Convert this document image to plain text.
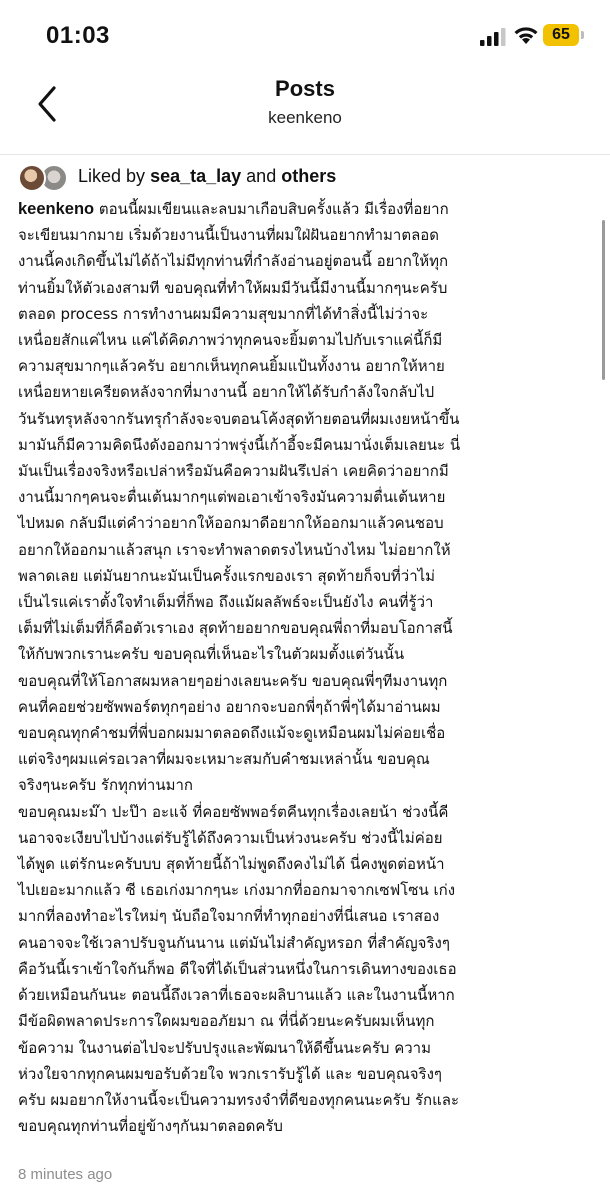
01:03	65
Posts
keenkeno
Liked by sea_ta_lay and others
keenkeno ตอนนี้ผมเขียนและลบมาเกือบสิบครั้งแล้ว มีเรื่องที่อยาก
จะเขียนมากมาย เริ่มด้วยงานนี้เป็นงานที่ผมใฝ่ฝันอยากทำมาตลอด
งานนี้คงเกิดขึ้นไม่ได้ถ้าไม่มีทุกท่านที่กำลังอ่านอยู่ตอนนี้ อยากให้ทุก
ท่านยิ้มให้ตัวเองสามที ขอบคุณที่ทำให้ผมมีวันนี้มีงานนี้มากๆนะครับ
ตลอด process การทำงานผมมีความสุขมากที่ได้ทำสิ่งนี้ไม่ว่าจะ
เหนื่อยสักแค่ไหน แค่ได้คิดภาพว่าทุกคนจะยิ้มตามไปกับเราแค่นี้ก็มี
ความสุขมากๆแล้วครับ อยากเห็นทุกคนยิ้มแป้นทั้งงาน อยากให้หาย
เหนื่อยหายเครียดหลังจากที่มางานนี้ อยากให้ได้รับกำลังใจกลับไป
วันรันทรุหลังจากรันทรุกำลังจะจบตอนโค้งสุดท้ายตอนที่ผมเงยหน้าขึ้น
มามันก็มีความคิดนึงดังออกมาว่าพรุ่งนี้เก้าอี้จะมีคนมานั่งเต็มเลยนะ นี่
มันเป็นเรื่องจริงหรือเปล่าหรือมันคือความฝันรึเปล่า เคยคิดว่าอยากมี
งานนี้มากๆคนจะตื่นเต้นมากๆแต่พอเอาเข้าจริงมันความตื่นเต้นหาย
ไปหมด กลับมีแต่คำว่าอยากให้ออกมาดีอยากให้ออกมาแล้วคนชอบ
อยากให้ออกมาแล้วสนุก เราจะทำพลาดตรงไหนบ้างไหม ไม่อยากให้
พลาดเลย แต่มันยากนะมันเป็นครั้งแรกของเรา สุดท้ายก็จบที่ว่าไม่
เป็นไรแค่เราตั้งใจทำเต็มที่ก็พอ ถึงแม้ผลลัพธ์จะเป็นยังไง คนที่รู้ว่า
เต็มที่ไม่เต็มที่ก็คือตัวเราเอง สุดท้ายอยากขอบคุณพี่ถาที่มอบโอกาสนี้
ให้กับพวกเรานะครับ ขอบคุณที่เห็นอะไรในตัวผมตั้งแต่วันนั้น
ขอบคุณที่ให้โอกาสผมหลายๆอย่างเลยนะครับ ขอบคุณพี่ๆทีมงานทุก
คนที่คอยช่วยซัพพอร์ตทุกๆอย่าง อยากจะบอกพี่ๆถ้าพี่ๆได้มาอ่านผม
ขอบคุณทุกคำชมที่พี่บอกผมมาตลอดถึงแม้จะดูเหมือนผมไม่ค่อยเชื่อ
แต่จริงๆผมแค่รอเวลาที่ผมจะเหมาะสมกับคำชมเหล่านั้น ขอบคุณ
จริงๆนะครับ รักทุกท่านมาก
ขอบคุณมะม๊า ปะป๊า อะแจ้ ที่คอยซัพพอร์ตคีนทุกเรื่องเลยน้า ช่วงนี้คี
นอาจจะเงียบไปบ้างแต่รับรู้ได้ถึงความเป็นห่วงนะครับ ช่วงนี้ไม่ค่อย
ได้พูด แต่รักนะครับบบ สุดท้ายนี้ถ้าไม่พูดถึงคงไม่ได้ นี่คงพูดต่อหน้า
ไปเยอะมากแล้ว ซี เธอเก่งมากๆนะ เก่งมากที่ออกมาจากเซฟโซน เก่ง
มากที่ลองทำอะไรใหม่ๆ นับถือใจมากที่ทำทุกอย่างที่นี่เสนอ เราสอง
คนอาจจะใช้เวลาปรับจูนกันนาน แต่มันไม่สำคัญหรอก ที่สำคัญจริงๆ
คือวันนี้เราเข้าใจกันก็พอ ดีใจที่ได้เป็นส่วนหนึ่งในการเดินทางของเธอ
ด้วยเหมือนกันนะ ตอนนี้ถึงเวลาที่เธอจะผลิบานแล้ว และในงานนี้หาก
มีข้อผิดพลาดประการใดผมขออภัยมา ณ ที่นี่ด้วยนะครับผมเห็นทุก
ข้อความ ในงานต่อไปจะปรับปรุงและพัฒนาให้ดีขึ้นนะครับ ความ
ห่วงใยจากทุกคนผมขอรับด้วยใจ พวกเรารับรู้ได้ และ ขอบคุณจริงๆ
ครับ ผมอยากให้งานนี้จะเป็นความทรงจำที่ดีของทุกคนนะครับ รักและ
ขอบคุณทุกท่านที่อยู่ข้างๆกันมาตลอดครับ
8 minutes ago
